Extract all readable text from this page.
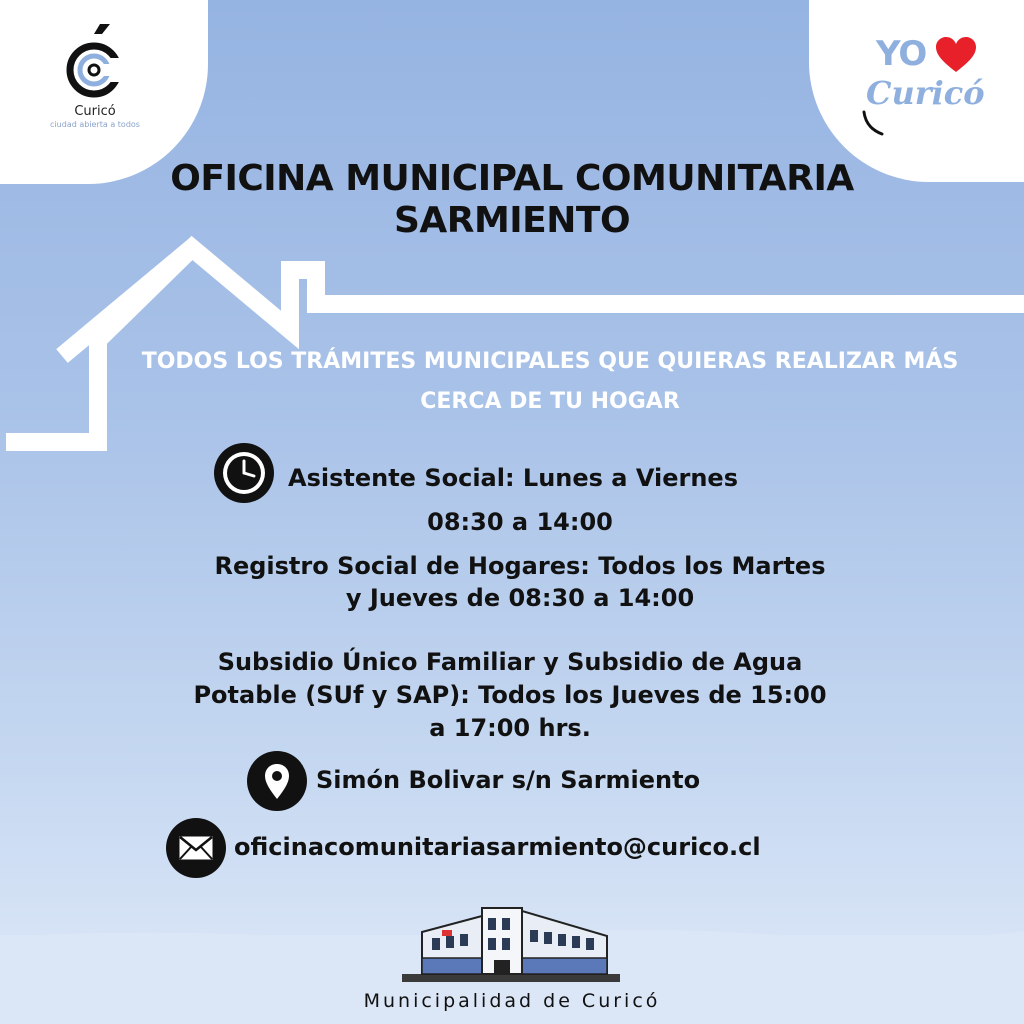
Curicó
ciudad abierta a todos
YO
Curicó
OFICINA MUNICIPAL COMUNITARIA
SARMIENTO
TODOS LOS TRÁMITES MUNICIPALES QUE QUIERAS REALIZAR MÁS
CERCA DE TU HOGAR
Asistente Social: Lunes a Viernes
08:30 a 14:00
Registro Social de Hogares: Todos los Martes
y Jueves de 08:30 a 14:00
Subsidio Único Familiar y Subsidio de Agua
Potable (SUf y SAP): Todos los Jueves de 15:00
a 17:00 hrs.
Simón Bolivar s/n Sarmiento
oficinacomunitariasarmiento@curico.cl
Municipalidad de Curicó
